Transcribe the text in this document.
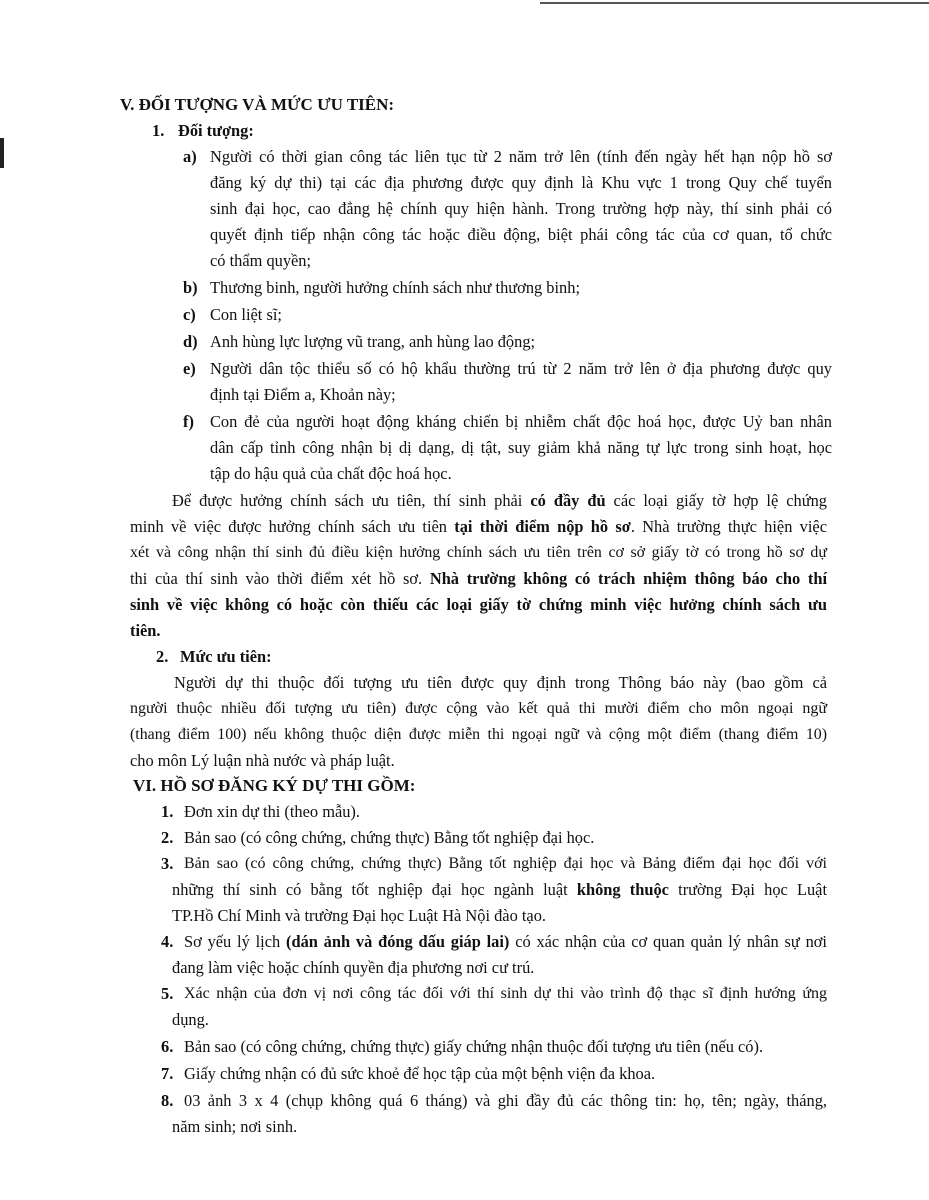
V. ĐỐI TƯỢNG VÀ MỨC ƯU TIÊN:
1. Đối tượng:
a) Người có thời gian công tác liên tục từ 2 năm trở lên (tính đến ngày hết hạn nộp hồ sơ
đăng ký dự thi) tại các địa phương được quy định là Khu vực 1 trong Quy chế tuyển
sinh đại học, cao đẳng hệ chính quy hiện hành. Trong trường hợp này, thí sinh phải có
quyết định tiếp nhận công tác hoặc điều động, biệt phái công tác của cơ quan, tổ chức
có thẩm quyền;
b) Thương binh, người hưởng chính sách như thương binh;
c) Con liệt sĩ;
d) Anh hùng lực lượng vũ trang, anh hùng lao động;
e) Người dân tộc thiểu số có hộ khẩu thường trú từ 2 năm trở lên ở địa phương được quy
định tại Điểm a, Khoản này;
f) Con đẻ của người hoạt động kháng chiến bị nhiễm chất độc hoá học, được Uỷ ban nhân
dân cấp tỉnh công nhận bị dị dạng, dị tật, suy giảm khả năng tự lực trong sinh hoạt, học
tập do hậu quả của chất độc hoá học.
Để được hưởng chính sách ưu tiên, thí sinh phải có đầy đủ các loại giấy tờ hợp lệ chứng
minh về việc được hưởng chính sách ưu tiên tại thời điểm nộp hồ sơ. Nhà trường thực hiện việc
xét và công nhận thí sinh đủ điều kiện hưởng chính sách ưu tiên trên cơ sở giấy tờ có trong hồ sơ dự
thi của thí sinh vào thời điểm xét hồ sơ. Nhà trường không có trách nhiệm thông báo cho thí
sinh về việc không có hoặc còn thiếu các loại giấy tờ chứng minh việc hưởng chính sách ưu
tiên.
2. Mức ưu tiên:
Người dự thi thuộc đối tượng ưu tiên được quy định trong Thông báo này (bao gồm cả
người thuộc nhiều đối tượng ưu tiên) được cộng vào kết quả thi mười điểm cho môn ngoại ngữ
(thang điểm 100) nếu không thuộc diện được miễn thi ngoại ngữ và cộng một điểm (thang điểm 10)
cho môn Lý luận nhà nước và pháp luật.
VI. HỒ SƠ ĐĂNG KÝ DỰ THI GỒM:
1. Đơn xin dự thi (theo mẫu).
2. Bản sao (có công chứng, chứng thực) Bằng tốt nghiệp đại học.
3. Bản sao (có công chứng, chứng thực) Bằng tốt nghiệp đại học và Bảng điểm đại học đối với
những thí sinh có bằng tốt nghiệp đại học ngành luật không thuộc trường Đại học Luật
TP.Hồ Chí Minh và trường Đại học Luật Hà Nội đào tạo.
4. Sơ yếu lý lịch (dán ảnh và đóng dấu giáp lai) có xác nhận của cơ quan quản lý nhân sự nơi
đang làm việc hoặc chính quyền địa phương nơi cư trú.
5. Xác nhận của đơn vị nơi công tác đối với thí sinh dự thi vào trình độ thạc sĩ định hướng ứng
dụng.
6. Bản sao (có công chứng, chứng thực) giấy chứng nhận thuộc đối tượng ưu tiên (nếu có).
7. Giấy chứng nhận có đủ sức khoẻ để học tập của một bệnh viện đa khoa.
8. 03 ảnh 3 x 4 (chụp không quá 6 tháng) và ghi đầy đủ các thông tin: họ, tên; ngày, tháng,
năm sinh; nơi sinh.
